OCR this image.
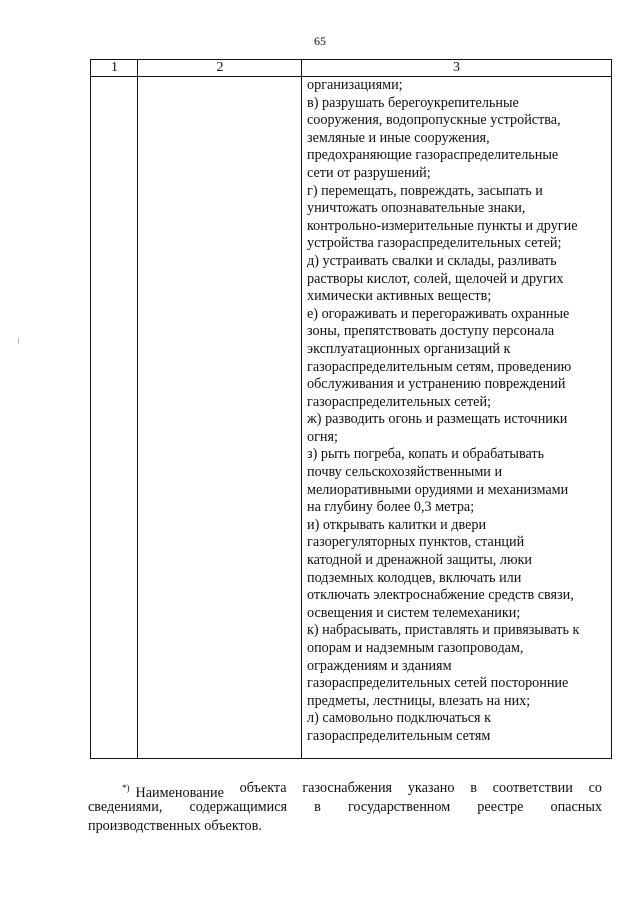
65
1	2	3
организациями;
в) разрушать берегоукрепительные
сооружения, водопропускные устройства,
земляные и иные сооружения,
предохраняющие газораспределительные
сети от разрушений;
г) перемещать, повреждать, засыпать и
уничтожать опознавательные знаки,
контрольно-измерительные пункты и другие
устройства газораспределительных сетей;
д) устраивать свалки и склады, разливать
растворы кислот, солей, щелочей и других
химически активных веществ;
е) огораживать и перегораживать охранные
зоны, препятствовать доступу персонала
эксплуатационных организаций к
газораспределительным сетям, проведению
обслуживания и устранению повреждений
газораспределительных сетей;
ж) разводить огонь и размещать источники
огня;
з) рыть погреба, копать и обрабатывать
почву сельскохозяйственными и
мелиоративными орудиями и механизмами
на глубину более 0,3 метра;
и) открывать калитки и двери
газорегуляторных пунктов, станций
катодной и дренажной защиты, люки
подземных колодцев, включать или
отключать электроснабжение средств связи,
освещения и систем телемеханики;
к) набрасывать, приставлять и привязывать к
опорам и надземным газопроводам,
ограждениям и зданиям
газораспределительных сетей посторонние
предметы, лестницы, влезать на них;
л) самовольно подключаться к
газораспределительным сетям
*) Наименование объекта газоснабжения указано в соответствии со
сведениями, содержащимися в государственном реестре опасных
производственных объектов.
